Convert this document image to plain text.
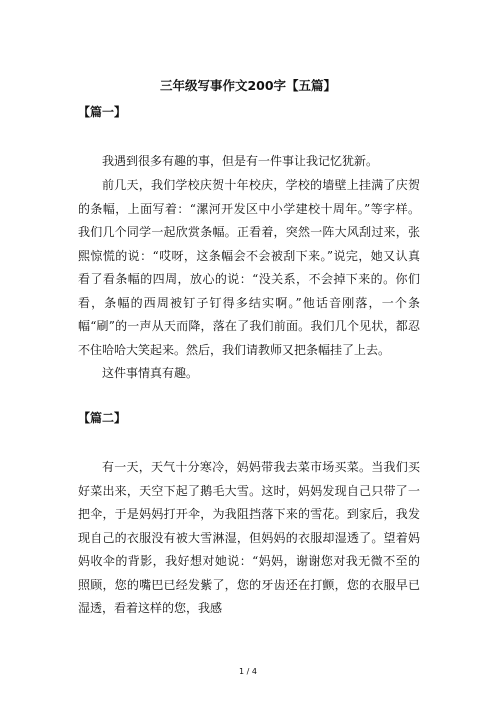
三年级写事作文200字【五篇】
【篇一】

我遇到很多有趣的事，但是有一件事让我记忆犹新。

前几天，我们学校庆贺十年校庆，学校的墙壁上挂满了庆贺的条幅，上面写着：“漯河开发区中小学建校十周年。”等字样。我们几个同学一起欣赏条幅。正看着，突然一阵大风刮过来，张熙惊慌的说：“哎呀，这条幅会不会被刮下来。”说完，她又认真看了看条幅的四周，放心的说：“没关系，不会掉下来的。你们看，条幅的西周被钉子钉得多结实啊。”他话音刚落，一个条幅“刷”的一声从天而降，落在了我们前面。我们几个见状，都忍不住哈哈大笑起来。然后，我们请教师又把条幅挂了上去。

这件事情真有趣。

【篇二】

有一天，天气十分寒冷，妈妈带我去菜市场买菜。当我们买好菜出来，天空下起了鹅毛大雪。这时，妈妈发现自己只带了一把伞，于是妈妈打开伞，为我阻挡落下来的雪花。到家后，我发现自己的衣服没有被大雪淋湿，但妈妈的衣服却湿透了。望着妈妈收伞的背影，我好想对她说：“妈妈，谢谢您对我无微不至的照顾，您的嘴巴已经发紫了，您的牙齿还在打颤，您的衣服早已湿透，看着这样的您，我感

1 / 4
